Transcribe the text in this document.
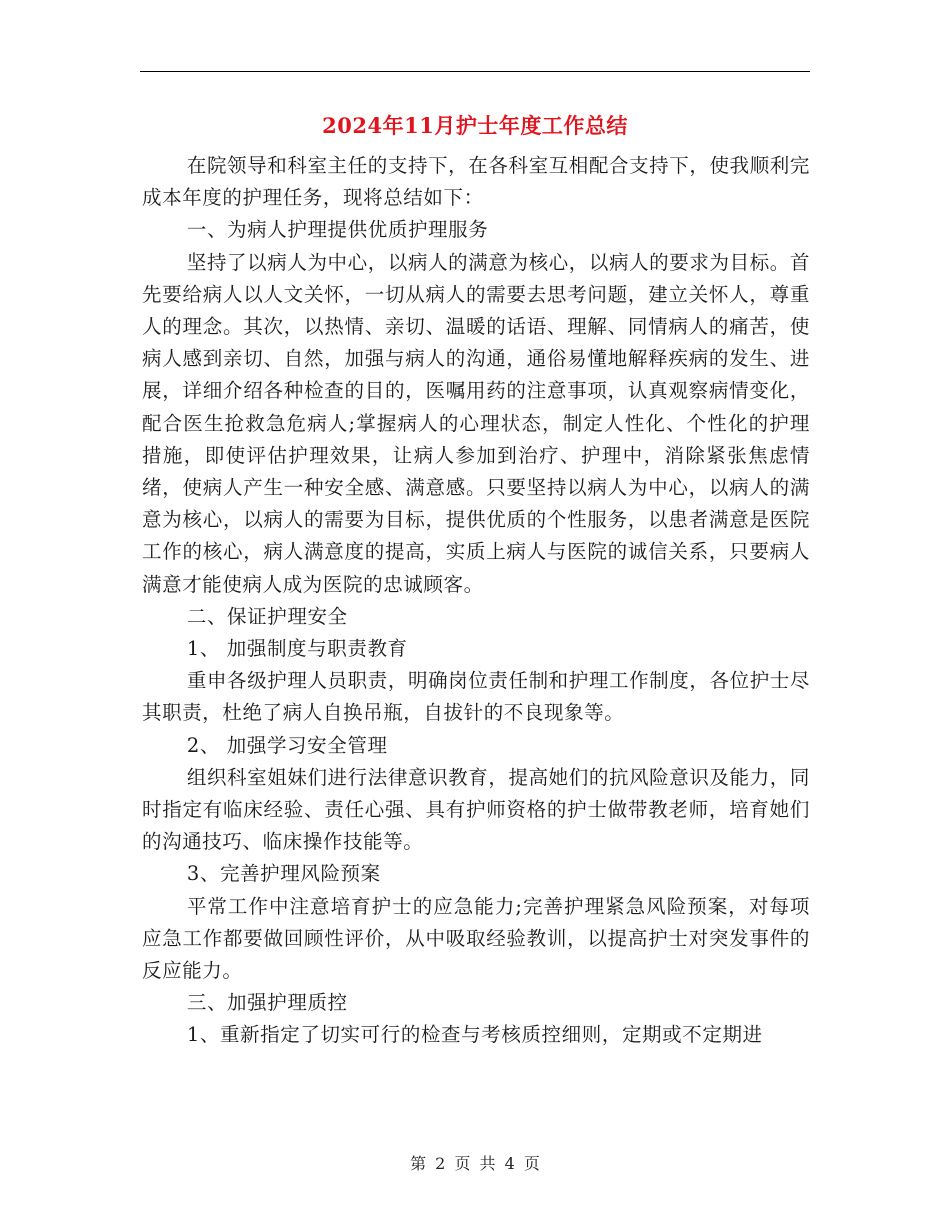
2024年11月护士年度工作总结

在院领导和科室主任的支持下，在各科室互相配合支持下，使我顺利完成本年度的护理任务，现将总结如下：

一、为病人护理提供优质护理服务

坚持了以病人为中心，以病人的满意为核心，以病人的要求为目标。首先要给病人以人文关怀，一切从病人的需要去思考问题，建立关怀人，尊重人的理念。其次，以热情、亲切、温暖的话语、理解、同情病人的痛苦，使病人感到亲切、自然，加强与病人的沟通，通俗易懂地解释疾病的发生、进展，详细介绍各种检查的目的，医嘱用药的注意事项，认真观察病情变化，配合医生抢救急危病人;掌握病人的心理状态，制定人性化、个性化的护理措施，即使评估护理效果，让病人参加到治疗、护理中，消除紧张焦虑情绪，使病人产生一种安全感、满意感。只要坚持以病人为中心，以病人的满意为核心，以病人的需要为目标，提供优质的个性服务，以患者满意是医院工作的核心，病人满意度的提高，实质上病人与医院的诚信关系，只要病人满意才能使病人成为医院的忠诚顾客。

二、保证护理安全

1、 加强制度与职责教育

重申各级护理人员职责，明确岗位责任制和护理工作制度，各位护士尽其职责，杜绝了病人自换吊瓶，自拔针的不良现象等。

2、 加强学习安全管理

组织科室姐妹们进行法律意识教育，提高她们的抗风险意识及能力，同时指定有临床经验、责任心强、具有护师资格的护士做带教老师，培育她们的沟通技巧、临床操作技能等。

3、完善护理风险预案

平常工作中注意培育护士的应急能力;完善护理紧急风险预案，对每项应急工作都要做回顾性评价，从中吸取经验教训，以提高护士对突发事件的反应能力。

三、加强护理质控

1、重新指定了切实可行的检查与考核质控细则，定期或不定期进

第 2 页 共 4 页
